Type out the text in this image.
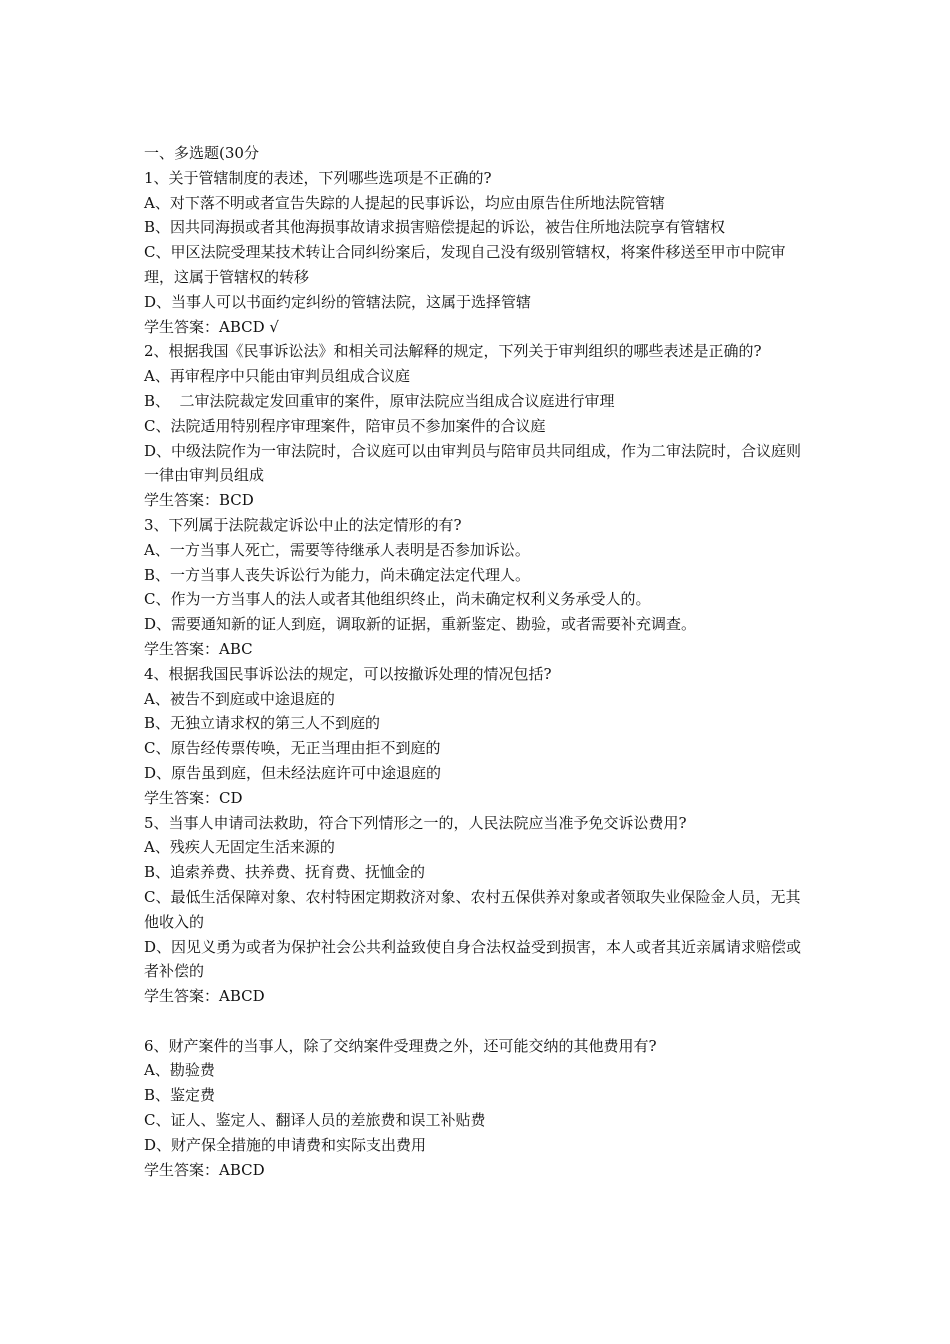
一、多选题(30分
1、关于管辖制度的表述，下列哪些选项是不正确的?
A、对下落不明或者宣告失踪的人提起的民事诉讼，均应由原告住所地法院管辖
B、因共同海损或者其他海损事故请求损害赔偿提起的诉讼，被告住所地法院享有管辖权
C、甲区法院受理某技术转让合同纠纷案后，发现自己没有级别管辖权，将案件移送至甲市中院审理，这属于管辖权的转移
D、当事人可以书面约定纠纷的管辖法院，这属于选择管辖
学生答案：ABCD √
2、根据我国《民事诉讼法》和相关司法解释的规定，下列关于审判组织的哪些表述是正确的?
A、再审程序中只能由审判员组成合议庭
B、  二审法院裁定发回重审的案件，原审法院应当组成合议庭进行审理
C、法院适用特别程序审理案件，陪审员不参加案件的合议庭
D、中级法院作为一审法院时，合议庭可以由审判员与陪审员共同组成，作为二审法院时，合议庭则一律由审判员组成
学生答案：BCD
3、下列属于法院裁定诉讼中止的法定情形的有?
A、一方当事人死亡，需要等待继承人表明是否参加诉讼。
B、一方当事人丧失诉讼行为能力，尚未确定法定代理人。
C、作为一方当事人的法人或者其他组织终止，尚未确定权利义务承受人的。
D、需要通知新的证人到庭，调取新的证据，重新鉴定、勘验，或者需要补充调查。
学生答案：ABC
4、根据我国民事诉讼法的规定，可以按撤诉处理的情况包括?
A、被告不到庭或中途退庭的
B、无独立请求权的第三人不到庭的
C、原告经传票传唤，无正当理由拒不到庭的
D、原告虽到庭，但未经法庭许可中途退庭的
学生答案：CD
5、当事人申请司法救助，符合下列情形之一的，人民法院应当准予免交诉讼费用?
A、残疾人无固定生活来源的
B、追索养费、扶养费、抚育费、抚恤金的
C、最低生活保障对象、农村特困定期救济对象、农村五保供养对象或者领取失业保险金人员，无其他收入的
D、因见义勇为或者为保护社会公共利益致使自身合法权益受到损害，本人或者其近亲属请求赔偿或者补偿的
学生答案：ABCD
6、财产案件的当事人，除了交纳案件受理费之外，还可能交纳的其他费用有?
A、勘验费
B、鉴定费
C、证人、鉴定人、翻译人员的差旅费和误工补贴费
D、财产保全措施的申请费和实际支出费用
学生答案：ABCD
